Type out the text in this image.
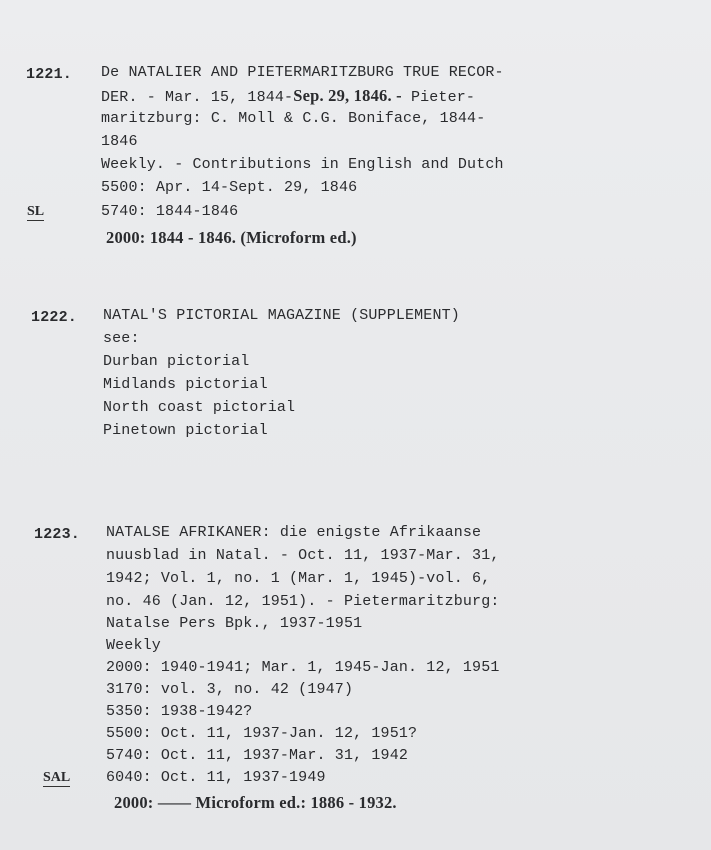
1221. De NATALIER AND PIETERMARITZBURG TRUE RECOR-
DER. - Mar. 15, 1844-Sep. 29, 1846. - Pieter-
maritzburg: C. Moll & C.G. Boniface, 1844-
1846
Weekly. - Contributions in English and Dutch
5500: Apr. 14-Sept. 29, 1846
5740: 1844-1846
SL
2000: 1844 - 1846. (Microform ed.)
1222. NATAL'S PICTORIAL MAGAZINE (SUPPLEMENT)
see:
Durban pictorial
Midlands pictorial
North coast pictorial
Pinetown pictorial
1223. NATALSE AFRIKANER: die enigste Afrikaanse
nuusblad in Natal. - Oct. 11, 1937-Mar. 31,
1942; Vol. 1, no. 1 (Mar. 1, 1945)-vol. 6,
no. 46 (Jan. 12, 1951). - Pietermaritzburg:
Natalse Pers Bpk., 1937-1951
Weekly
2000: 1940-1941; Mar. 1, 1945-Jan. 12, 1951
3170: vol. 3, no. 42 (1947)
5350: 1938-1942?
5500: Oct. 11, 1937-Jan. 12, 1951?
5740: Oct. 11, 1937-Mar. 31, 1942
6040: Oct. 11, 1937-1949
SAL
2000: —— Microform ed.: 1886 - 1932.
